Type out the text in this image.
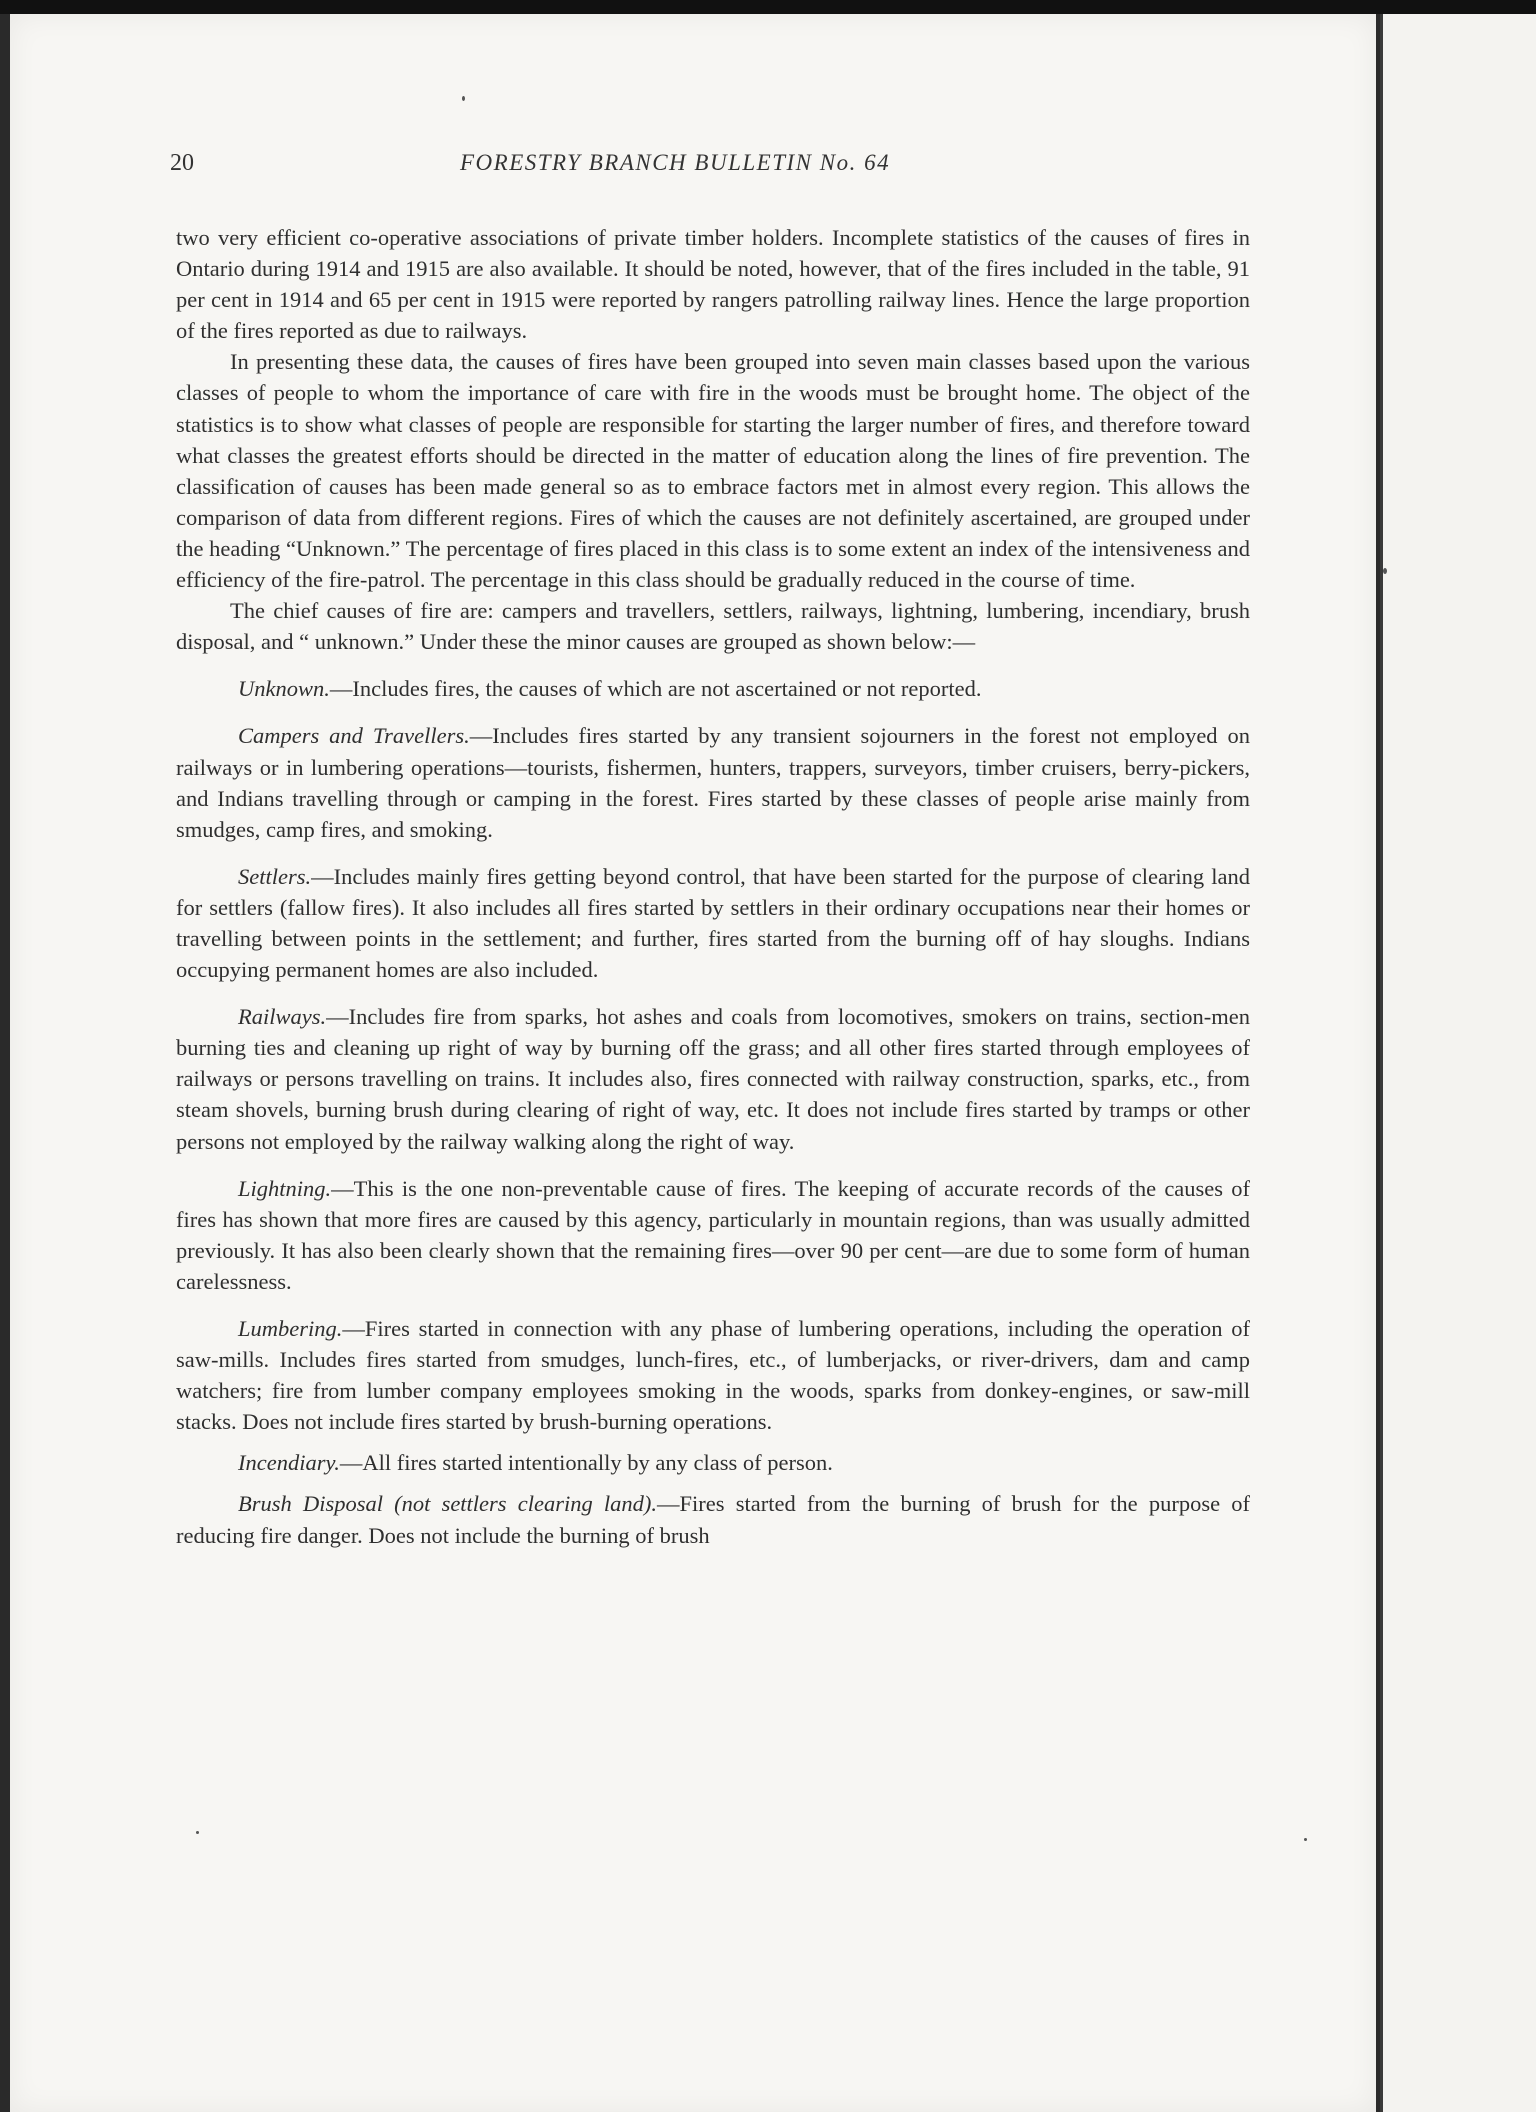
20	FORESTRY BRANCH BULLETIN No. 64

two very efficient co-operative associations of private timber holders. Incomplete statistics of the causes of fires in Ontario during 1914 and 1915 are also available. It should be noted, however, that of the fires included in the table, 91 per cent in 1914 and 65 per cent in 1915 were reported by rangers patrolling railway lines. Hence the large proportion of the fires reported as due to railways.

In presenting these data, the causes of fires have been grouped into seven main classes based upon the various classes of people to whom the importance of care with fire in the woods must be brought home. The object of the statistics is to show what classes of people are responsible for starting the larger number of fires, and therefore toward what classes the greatest efforts should be directed in the matter of education along the lines of fire prevention. The classification of causes has been made general so as to embrace factors met in almost every region. This allows the comparison of data from different regions. Fires of which the causes are not definitely ascertained, are grouped under the heading “Unknown.” The percentage of fires placed in this class is to some extent an index of the intensiveness and efficiency of the fire-patrol. The percentage in this class should be gradually reduced in the course of time.

The chief causes of fire are: campers and travellers, settlers, railways, lightning, lumbering, incendiary, brush disposal, and “ unknown.” Under these the minor causes are grouped as shown below:—

Unknown.—Includes fires, the causes of which are not ascertained or not reported.

Campers and Travellers.—Includes fires started by any transient sojourners in the forest not employed on railways or in lumbering operations—tourists, fishermen, hunters, trappers, surveyors, timber cruisers, berry-pickers, and Indians travelling through or camping in the forest. Fires started by these classes of people arise mainly from smudges, camp fires, and smoking.

Settlers.—Includes mainly fires getting beyond control, that have been started for the purpose of clearing land for settlers (fallow fires). It also includes all fires started by settlers in their ordinary occupations near their homes or travelling between points in the settlement; and further, fires started from the burning off of hay sloughs. Indians occupying permanent homes are also included.

Railways.—Includes fire from sparks, hot ashes and coals from locomotives, smokers on trains, section-men burning ties and cleaning up right of way by burning off the grass; and all other fires started through employees of railways or persons travelling on trains. It includes also, fires connected with railway construction, sparks, etc., from steam shovels, burning brush during clearing of right of way, etc. It does not include fires started by tramps or other persons not employed by the railway walking along the right of way.

Lightning.—This is the one non-preventable cause of fires. The keeping of accurate records of the causes of fires has shown that more fires are caused by this agency, particularly in mountain regions, than was usually admitted previously. It has also been clearly shown that the remaining fires—over 90 per cent—are due to some form of human carelessness.

Lumbering.—Fires started in connection with any phase of lumbering operations, including the operation of saw-mills. Includes fires started from smudges, lunch-fires, etc., of lumberjacks, or river-drivers, dam and camp watchers; fire from lumber company employees smoking in the woods, sparks from donkey-engines, or saw-mill stacks. Does not include fires started by brush-burning operations.

Incendiary.—All fires started intentionally by any class of person.

Brush Disposal (not settlers clearing land).—Fires started from the burning of brush for the purpose of reducing fire danger. Does not include the burning of brush
